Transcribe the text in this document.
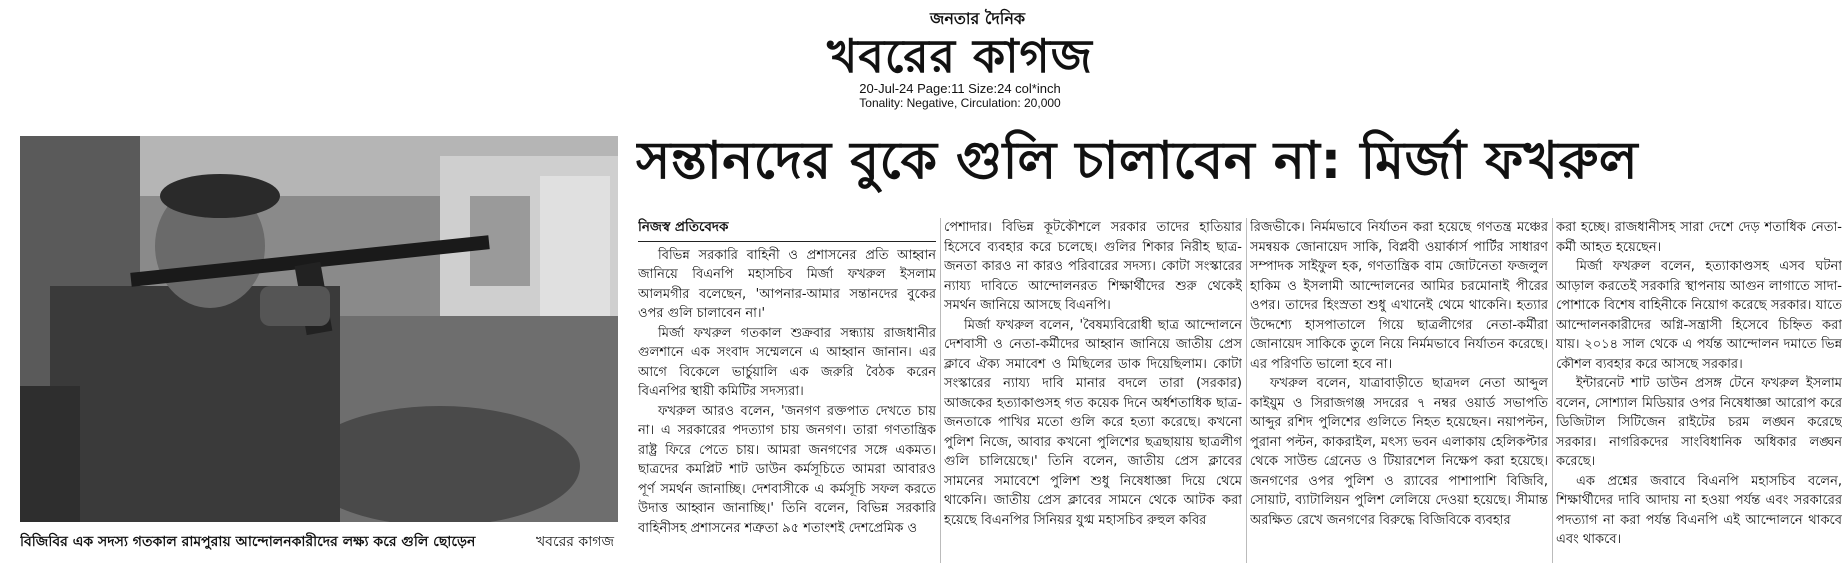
জনতার দৈনিক
খবরের কাগজ
20-Jul-24 Page:11 Size:24 col*inch
Tonality: Negative, Circulation: 20,000
বিজিবির এক সদস্য গতকাল রামপুরায় আন্দোলনকারীদের লক্ষ্য করে গুলি ছোড়েন	খবরের কাগজ
সন্তানদের বুকে গুলি চালাবেন না: মির্জা ফখরুল
নিজস্ব প্রতিবেদক

বিভিন্ন সরকারি বাহিনী ও প্রশাসনের প্রতি আহ্বান জানিয়ে বিএনপি মহাসচিব মির্জা ফখরুল ইসলাম আলমগীর বলেছেন, 'আপনার-আমার সন্তানদের বুকের ওপর গুলি চালাবেন না।'

মির্জা ফখরুল গতকাল শুক্রবার সন্ধ্যায় রাজধানীর গুলশানে এক সংবাদ সম্মেলনে এ আহ্বান জানান। এর আগে বিকেলে ভার্চুয়ালি এক জরুরি বৈঠক করেন বিএনপির স্থায়ী কমিটির সদস্যরা।

ফখরুল আরও বলেন, 'জনগণ রক্তপাত দেখতে চায় না। এ সরকারের পদত্যাগ চায় জনগণ। তারা গণতান্ত্রিক রাষ্ট্র ফিরে পেতে চায়। আমরা জনগণের সঙ্গে একমত। ছাত্রদের কমপ্লিট শাট ডাউন কর্মসূচিতে আমরা আবারও পূর্ণ সমর্থন জানাচ্ছি। দেশবাসীকে এ কর্মসূচি সফল করতে উদাত্ত আহ্বান জানাচ্ছি।' তিনি বলেন, বিভিন্ন সরকারি বাহিনীসহ প্রশাসনের শত্রুতা ৯৫ শতাংশই দেশপ্রেমিক ও

পেশাদার। বিভিন্ন কূটকৌশলে সরকার তাদের হাতিয়ার হিসেবে ব্যবহার করে চলেছে। গুলির শিকার নিরীহ ছাত্র-জনতা কারও না কারও পরিবারের সদস্য। কোটা সংস্কারের ন্যায্য দাবিতে আন্দোলনরত শিক্ষার্থীদের শুরু থেকেই সমর্থন জানিয়ে আসছে বিএনপি।

মির্জা ফখরুল বলেন, 'বৈষম্যবিরোধী ছাত্র আন্দোলনে দেশবাসী ও নেতা-কর্মীদের আহ্বান জানিয়ে জাতীয় প্রেস ক্লাবে ঐক্য সমাবেশ ও মিছিলের ডাক দিয়েছিলাম। কোটা সংস্কারের ন্যায্য দাবি মানার বদলে তারা (সরকার) আজকের হত্যাকাণ্ডসহ গত কয়েক দিনে অর্ধশতাধিক ছাত্র-জনতাকে পাখির মতো গুলি করে হত্যা করেছে। কখনো পুলিশ নিজে, আবার কখনো পুলিশের ছত্রছায়ায় ছাত্রলীগ গুলি চালিয়েছে।' তিনি বলেন, জাতীয় প্রেস ক্লাবের সামনের সমাবেশে পুলিশ শুধু নিষেধাজ্ঞা দিয়ে থেমে থাকেনি। জাতীয় প্রেস ক্লাবের সামনে থেকে আটক করা হয়েছে বিএনপির সিনিয়র যুগ্ম মহাসচিব রুহুল কবির

রিজভীকে। নির্মমভাবে নির্যাতন করা হয়েছে গণতন্ত্র মঞ্চের সমন্বয়ক জোনায়েদ সাকি, বিপ্লবী ওয়ার্কার্স পার্টির সাধারণ সম্পাদক সাইফুল হক, গণতান্ত্রিক বাম জোটনেতা ফজলুল হাকিম ও ইসলামী আন্দোলনের আমির চরমোনাই পীরের ওপর। তাদের হিংস্রতা শুধু এখানেই থেমে থাকেনি। হত্যার উদ্দেশ্যে হাসপাতালে গিয়ে ছাত্রলীগের নেতা-কর্মীরা জোনায়েদ সাকিকে তুলে নিয়ে নির্মমভাবে নির্যাতন করেছে। এর পরিণতি ভালো হবে না।

ফখরুল বলেন, যাত্রাবাড়ীতে ছাত্রদল নেতা আব্দুল কাইয়ুম ও সিরাজগঞ্জ সদরের ৭ নম্বর ওয়ার্ড সভাপতি আব্দুর রশিদ পুলিশের গুলিতে নিহত হয়েছেন। নয়াপল্টন, পুরানা পল্টন, কাকরাইল, মৎস্য ভবন এলাকায় হেলিকপ্টার থেকে সাউন্ড গ্রেনেড ও টিয়ারশেল নিক্ষেপ করা হয়েছে। জনগণের ওপর পুলিশ ও র‍্যাবের পাশাপাশি বিজিবি, সোয়াট, ব্যাটালিয়ন পুলিশ লেলিয়ে দেওয়া হয়েছে। সীমান্ত অরক্ষিত রেখে জনগণের বিরুদ্ধে বিজিবিকে ব্যবহার

করা হচ্ছে। রাজধানীসহ সারা দেশে দেড় শতাধিক নেতা-কর্মী আহত হয়েছেন।

মির্জা ফখরুল বলেন, হত্যাকাণ্ডসহ এসব ঘটনা আড়াল করতেই সরকারি স্থাপনায় আগুন লাগাতে সাদা-পোশাকে বিশেষ বাহিনীকে নিয়োগ করেছে সরকার। যাতে আন্দোলনকারীদের অগ্নি-সন্ত্রাসী হিসেবে চিহ্নিত করা যায়। ২০১৪ সাল থেকে এ পর্যন্ত আন্দোলন দমাতে ভিন্ন কৌশল ব্যবহার করে আসছে সরকার।

ইন্টারনেট শাট ডাউন প্রসঙ্গ টেনে ফখরুল ইসলাম বলেন, সোশ্যাল মিডিয়ার ওপর নিষেধাজ্ঞা আরোপ করে ডিজিটাল সিটিজেন রাইটের চরম লঙ্ঘন করেছে সরকার। নাগরিকদের সাংবিধানিক অধিকার লঙ্ঘন করেছে।

এক প্রশ্নের জবাবে বিএনপি মহাসচিব বলেন, শিক্ষার্থীদের দাবি আদায় না হওয়া পর্যন্ত এবং সরকারের পদত্যাগ না করা পর্যন্ত বিএনপি এই আন্দোলনে থাকবে এবং থাকবে।
